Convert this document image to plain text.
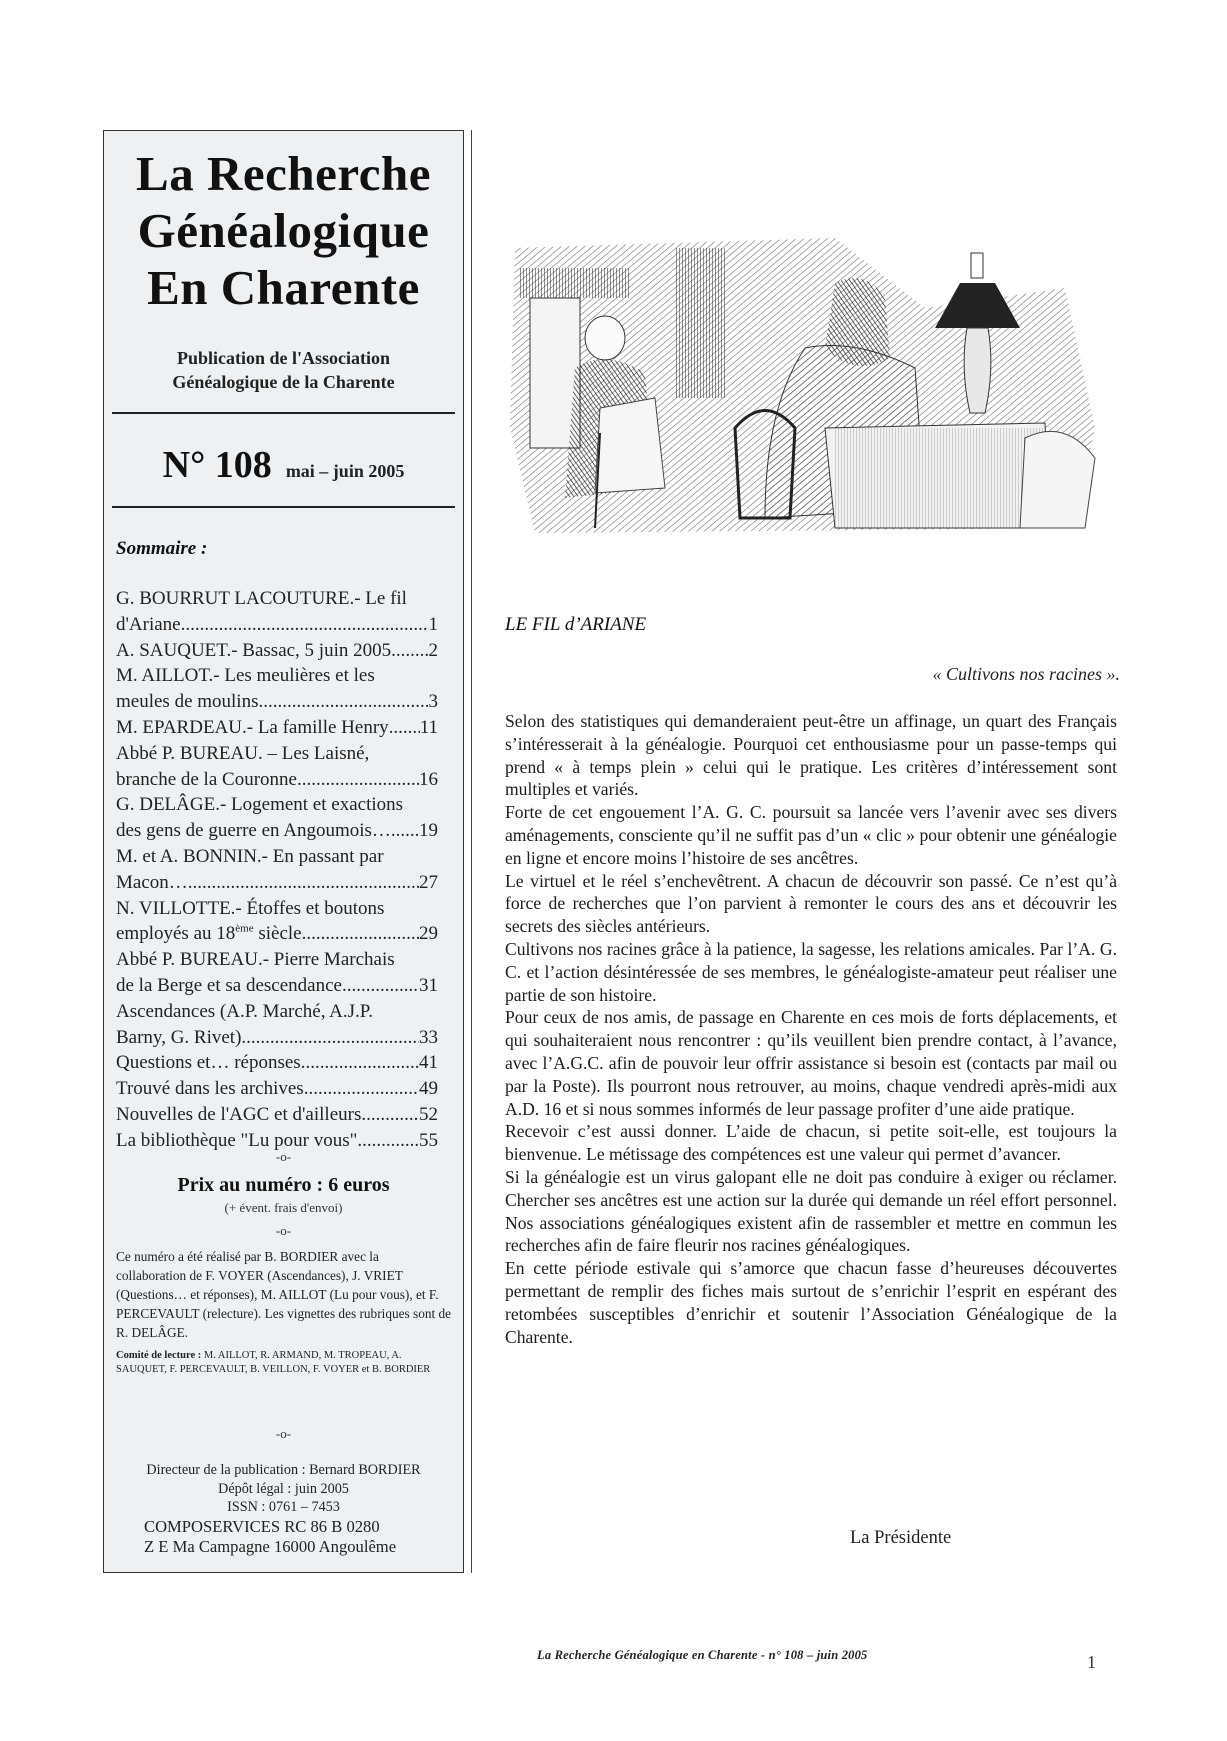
La Recherche
Généalogique
En Charente
Publication de l'Association
Généalogique de la Charente
N° 108 mai – juin 2005
Sommaire :
G. BOURRUT LACOUTURE.- Le fil
d'Ariane .....	1
A. SAUQUET.- Bassac, 5 juin 2005 ..... 2
M. AILLOT.- Les meulières et les
meules de moulins .....	3
M. EPARDEAU.- La famille Henry ..... 11
Abbé P. BUREAU. – Les Laisné,
branche de la Couronne .....	16
G. DELÂGE.- Logement et exactions
des gens de guerre en Angoumois… ..... 19
M. et A. BONNIN.- En passant par
Macon… .....	27
N. VILLOTTE.- Étoffes et boutons
employés au 18ème siècle .....	29
Abbé P. BUREAU.- Pierre Marchais
de la Berge et sa descendance .....	31
Ascendances (A.P. Marché, A.J.P.
Barny, G. Rivet) .....	33
Questions et… réponses .....	41
Trouvé dans les archives .....	49
Nouvelles de l'AGC et d'ailleurs .....	52
La bibliothèque "Lu pour vous" .....	55
-o-
Prix au numéro : 6 euros
(+ évent. frais d'envoi)
-o-
Ce numéro a été réalisé par B. BORDIER avec la collaboration de F. VOYER (Ascendances), J. VRIET (Questions… et réponses), M. AILLOT (Lu pour vous), et F. PERCEVAULT (relecture). Les vignettes des rubriques sont de R. DELÂGE.
Comité de lecture : M. AILLOT, R. ARMAND, M. TROPEAU, A. SAUQUET, F. PERCEVAULT, B. VEILLON, F. VOYER et B. BORDIER
-o-
Directeur de la publication : Bernard BORDIER
Dépôt légal : juin 2005
ISSN : 0761 – 7453
COMPOSERVICES RC 86 B 0280
Z E Ma Campagne 16000 Angoulême
LE FIL d’ARIANE
« Cultivons nos racines ».

Selon des statistiques qui demanderaient peut-être un affinage, un quart des Français s’intéresserait à la généalogie. Pourquoi cet enthousiasme pour un passe-temps qui prend « à temps plein » celui qui le pratique. Les critères d’intéressement sont multiples et variés.

Forte de cet engouement l’A. G. C. poursuit sa lancée vers l’avenir avec ses divers aménagements, consciente qu’il ne suffit pas d’un « clic » pour obtenir une généalogie en ligne et encore moins l’histoire de ses ancêtres.

Le virtuel et le réel s’enchevêtrent. A chacun de découvrir son passé. Ce n’est qu’à force de recherches que l’on parvient à remonter le cours des ans et découvrir les secrets des siècles antérieurs.

Cultivons nos racines grâce à la patience, la sagesse, les relations amicales. Par l’A. G. C. et l’action désintéressée de ses membres, le généalogiste-amateur peut réaliser une partie de son histoire.

Pour ceux de nos amis, de passage en Charente en ces mois de forts déplacements, et qui souhaiteraient nous rencontrer : qu’ils veuillent bien prendre contact, à l’avance, avec l’A.G.C. afin de pouvoir leur offrir assistance si besoin est (contacts par mail ou par la Poste). Ils pourront nous retrouver, au moins, chaque vendredi après-midi aux A.D. 16 et si nous sommes informés de leur passage profiter d’une aide pratique.

Recevoir c’est aussi donner. L’aide de chacun, si petite soit-elle, est toujours la bienvenue. Le métissage des compétences est une valeur qui permet d’avancer.

Si la généalogie est un virus galopant elle ne doit pas conduire à exiger ou réclamer. Chercher ses ancêtres est une action sur la durée qui demande un réel effort personnel. Nos associations généalogiques existent afin de rassembler et mettre en commun les recherches afin de faire fleurir nos racines généalogiques.

En cette période estivale qui s’amorce que chacun fasse d’heureuses découvertes permettant de remplir des fiches mais surtout de s’enrichir l’esprit en espérant des retombées susceptibles d’enrichir et soutenir l’Association Généalogique de la Charente.

La Présidente
La Recherche Généalogique en Charente - n° 108 – juin 2005	1
